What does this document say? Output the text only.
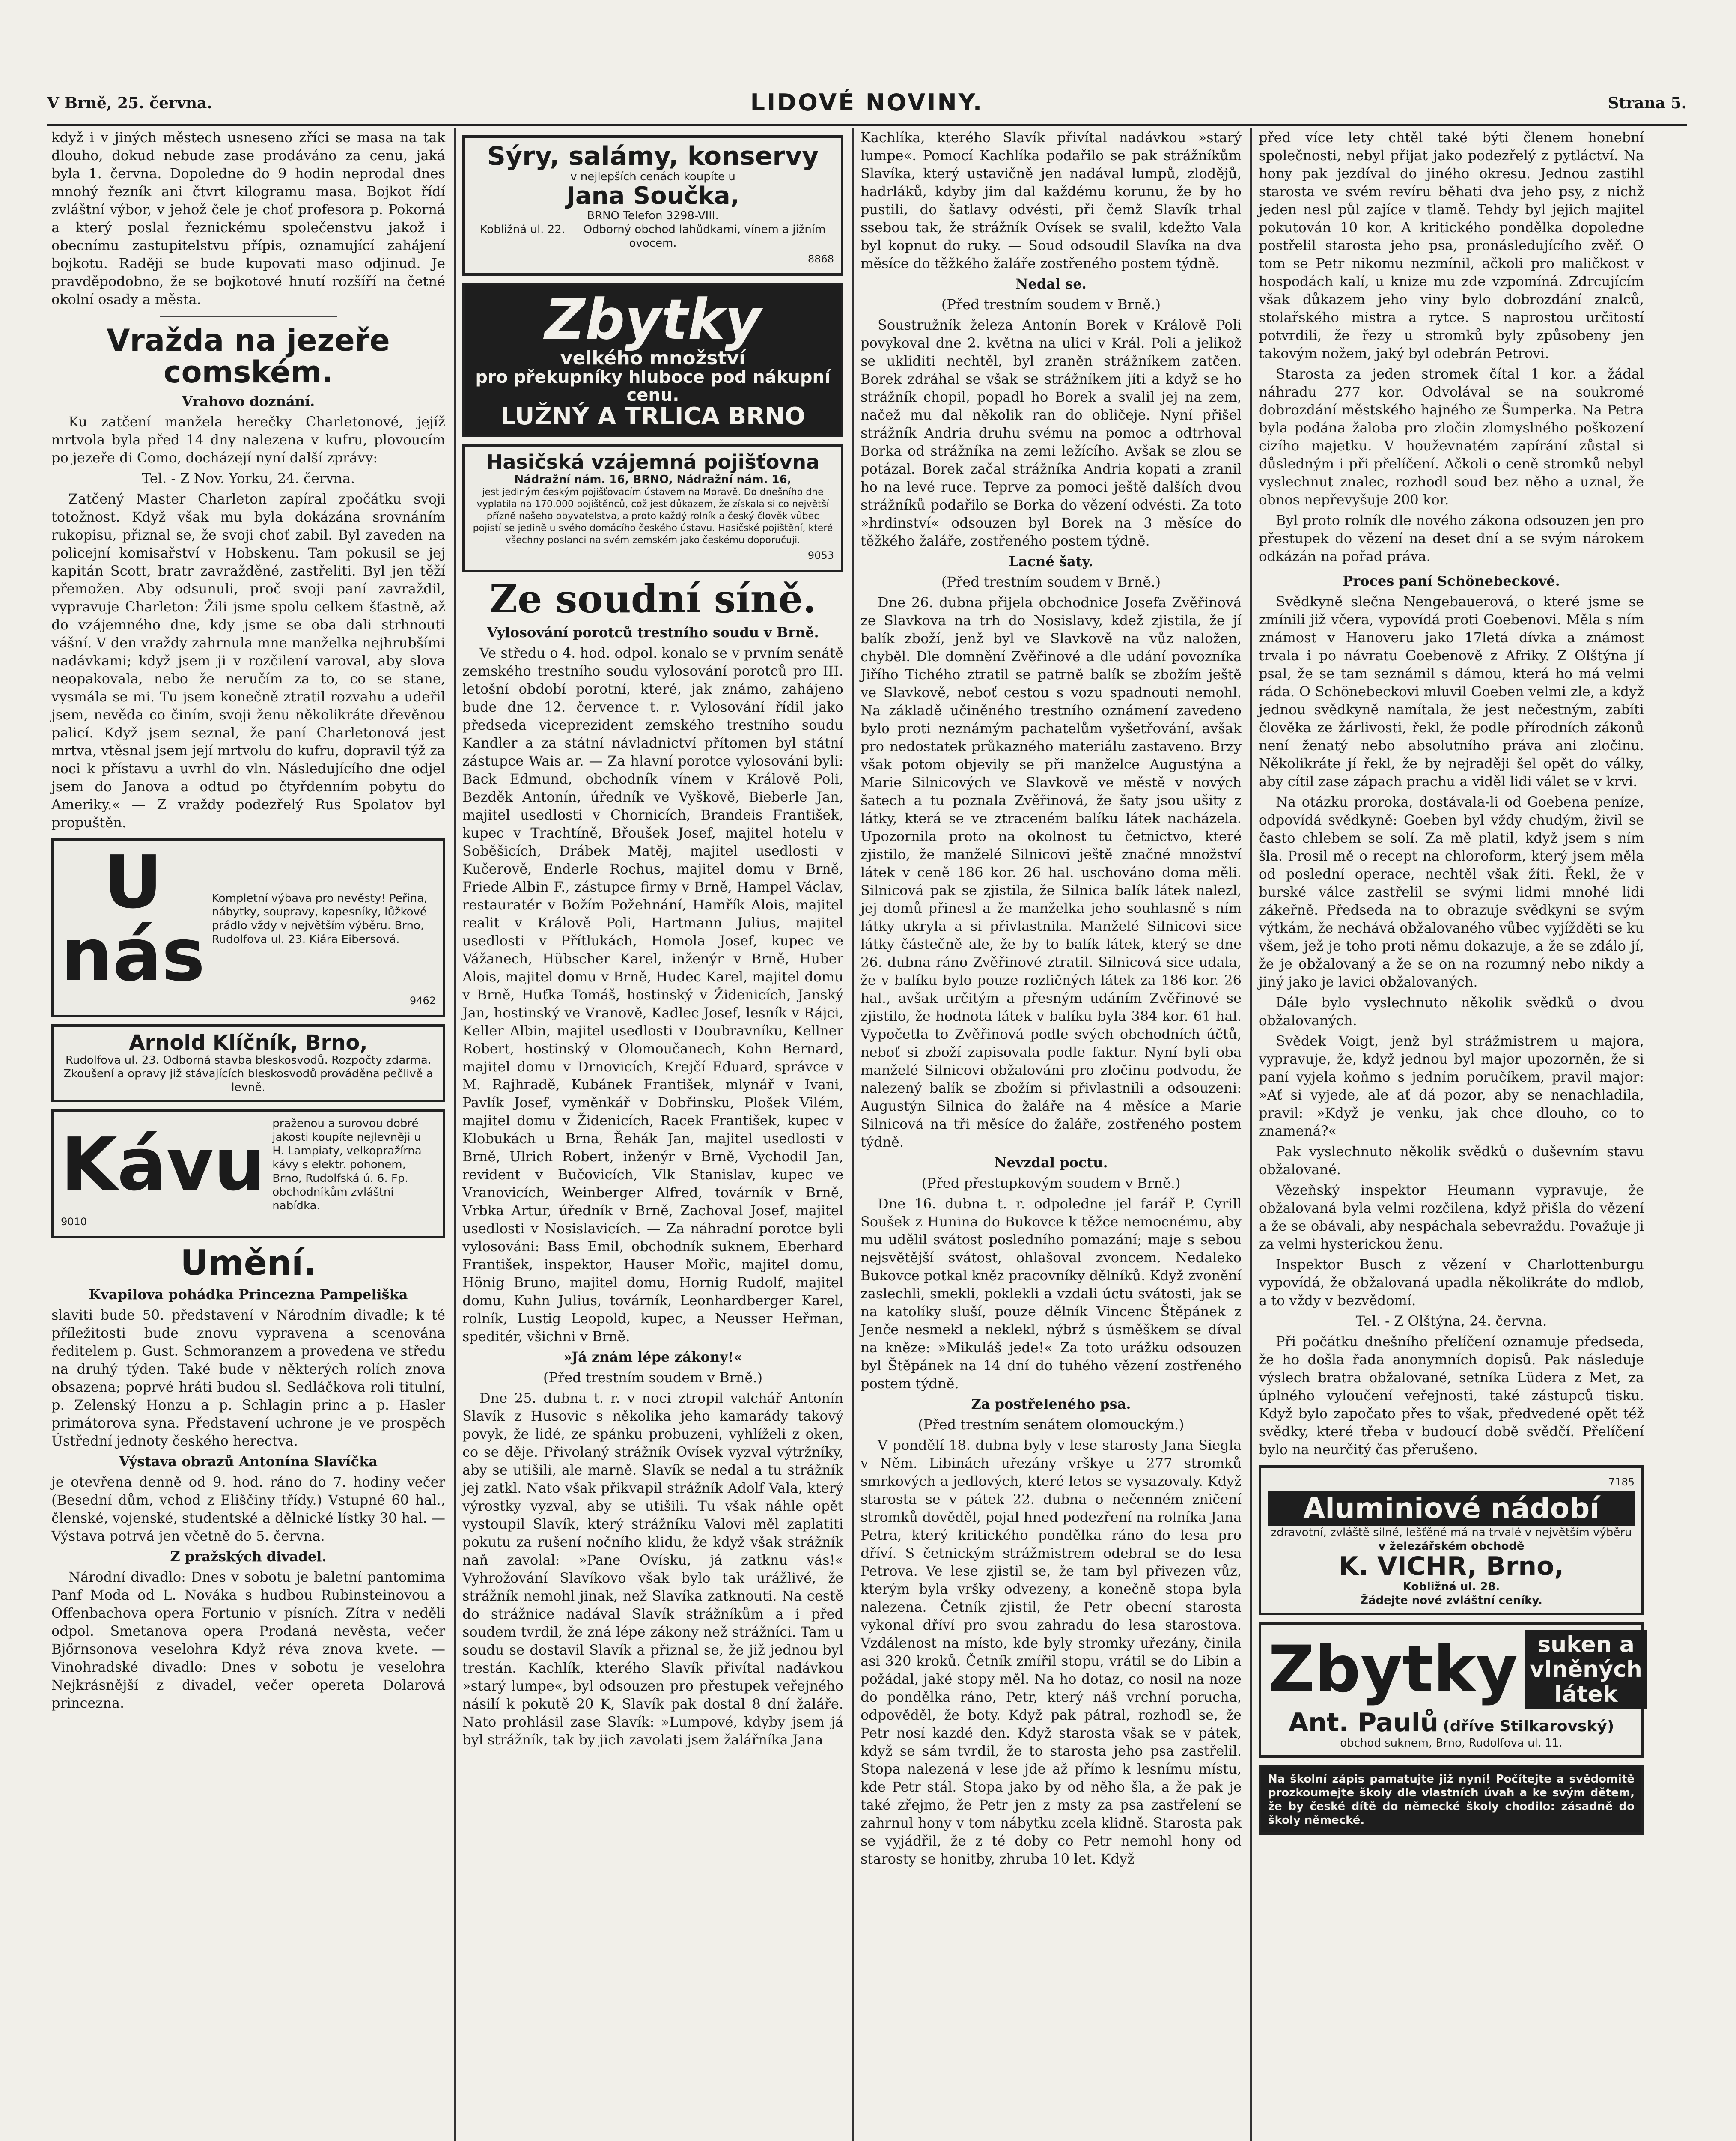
V Brně, 25. června.	LIDOVÉ NOVINY.	Strana 5.

když i v jiných městech usneseno zříci se masa na tak dlouho, dokud nebude zase prodáváno za cenu, jaká byla 1. června. Dopoledne do 9 hodin neprodal dnes mnohý řezník ani čtvrt kilogramu masa. Bojkot řídí zvláštní výbor, v jehož čele je choť profesora p. Pokorná a který poslal řeznickému společenstvu jakož i obecnímu zastupitelstvu přípis, oznamující zahájení bojkotu. Raději se bude kupovati maso odjinud. Je pravděpodobno, že se bojkotové hnutí rozšíří na četné okolní osady a města.

Vražda na jezeře comském.
Vrahovo doznání.

Ku zatčení manžela herečky Charletonové, jejíž mrtvola byla před 14 dny nalezena v kufru, plovoucím po jezeře di Como, docházejí nyní další zprávy:

Tel. - Z Nov. Yorku, 24. června.

Zatčený Master Charleton zapíral zpočátku svoji totožnost. Když však mu byla dokázána srovnáním rukopisu, přiznal se, že svoji choť zabil. Byl zaveden na policejní komisařství v Hobskenu. Tam pokusil se jej kapitán Scott, bratr zavražděné, zastřeliti. Byl jen těží přemožen. Aby odsunuli, proč svoji paní zavraždil, vypravuje Charleton: Žili jsme spolu celkem šťastně, až do vzájemného dne, kdy jsme se oba dali strhnouti vášní. V den vraždy zahrnula mne manželka nejhrubšími nadávkami; když jsem ji v rozčilení varoval, aby slova neopakovala, nebo že neručím za to, co se stane, vysmála se mi. Tu jsem konečně ztratil rozvahu a udeřil jsem, nevěda co činím, svoji ženu několikráte dřevěnou palicí. Když jsem seznal, že paní Charletonová jest mrtva, vtěsnal jsem její mrtvolu do kufru, dopravil týž za noci k přístavu a uvrhl do vln. Následujícího dne odjel jsem do Janova a odtud po čtyřdenním pobytu do Ameriky.« — Z vraždy podezřelý Rus Spolatov byl propuštěn.

U nás
Kompletní výbava pro nevěsty! Peřina, nábytky, soupravy, kapesníky, lůžkové prádlo vždy v největším výběru. Brno, Rudolfova ul. 23. Kiára Eibersová.
9462
Arnold Klíčník, Brno,
Rudolfova ul. 23. Odborná stavba bleskosvodů. Rozpočty zdarma. Zkoušení a opravy již stávajících bleskosvodů prováděna pečlivě a levně.
Kávu praženou a surovou dobré jakosti koupíte nejlevněji u H. Lampiaty, velkopražírna kávy s elektr. pohonem, Brno, Rudolfská ú. 6. Fp. obchodníkům zvláštní nabídka.
9010
Umění.
Kvapilova pohádka Princezna Pampeliška

slaviti bude 50. představení v Národním divadle; k té příležitosti bude znovu vypravena a scenována ředitelem p. Gust. Schmoranzem a provedena ve středu na druhý týden. Také bude v některých rolích znova obsazena; poprvé hráti budou sl. Sedláčkova roli titulní, p. Zelenský Honzu a p. Schlagin princ a p. Hasler primátorova syna. Představení uchrone je ve prospěch Ústřední jednoty českého herectva.

Výstava obrazů Antonína Slavíčka

je otevřena denně od 9. hod. ráno do 7. hodiny večer (Besední dům, vchod z Eliščiny třídy.) Vstupné 60 hal., členské, vojenské, studentské a dělnické lístky 30 hal. — Výstava potrvá jen včetně do 5. června.

Z pražských divadel.

Národní divadlo: Dnes v sobotu je baletní pantomima Panf Moda od L. Nováka s hudbou Rubinsteinovou a Offenbachova opera Fortunio v písních. Zítra v neděli odpol. Smetanova opera Prodaná nevěsta, večer Bjőrnsonova veselohra Když réva znova kvete. — Vinohradské divadlo: Dnes v sobotu je veselohra Nejkrásnější z divadel, večer opereta Dolarová princezna.

Sýry, salámy, konservy
v nejlepších cenách koupíte u
Jana Součka,
BRNO Telefon 3298-VIII.
Kobližná ul. 22. — Odborný obchod lahůdkami, vínem a jižním ovocem.
8868
Zbytky
velkého množství
pro překupníky hluboce pod nákupní cenu.
LUŽNÝ A TRLICA BRNO
Hasičská vzájemná pojišťovna
Nádražní nám. 16, BRNO, Nádražní nám. 16,
jest jediným českým pojišťovacím ústavem na Moravě. Do dnešního dne vyplatila na 170.000 pojištěnců, což jest důkazem, že získala si co největší přízně našeho obyvatelstva, a proto každý rolník a český člověk vůbec pojistí se jedině u svého domácího českého ústavu. Hasičské pojištění, které všechny poslanci na svém zemském jako českému doporučuji.
9053
Ze soudní síně.
Vylosování porotců trestního soudu v Brně.

Ve středu o 4. hod. odpol. konalo se v prvním senátě zemského trestního soudu vylosování porotců pro III. letošní období porotní, které, jak známo, zahájeno bude dne 12. července t. r. Vylosování řídil jako předseda viceprezident zemského trestního soudu Kandler a za státní návladnictví přítomen byl státní zástupce Wais ar. — Za hlavní porotce vylosováni byli: Back Edmund, obchodník vínem v Králově Poli, Bezděk Antonín, úředník ve Vyškově, Bieberle Jan, majitel usedlosti v Chornicích, Brandeis František, kupec v Trachtíně, Břoušek Josef, majitel hotelu v Soběšicích, Drábek Matěj, majitel usedlosti v Kučerově, Enderle Rochus, majitel domu v Brně, Friede Albin F., zástupce firmy v Brně, Hampel Václav, restauratér v Božím Požehnání, Hamřík Alois, majitel realit v Králově Poli, Hartmann Julius, majitel usedlosti v Přítlukách, Homola Josef, kupec ve Vážanech, Hübscher Karel, inženýr v Brně, Huber Alois, majitel domu v Brně, Hudec Karel, majitel domu v Brně, Huťka Tomáš, hostinský v Židenicích, Janský Jan, hostinský ve Vranově, Kadlec Josef, lesník v Rájci, Keller Albin, majitel usedlosti v Doubravníku, Kellner Robert, hostinský v Olomoučanech, Kohn Bernard, majitel domu v Drnovicích, Krejčí Eduard, správce v M. Rajhradě, Kubánek František, mlynář v Ivani, Pavlík Josef, vyměnkář v Dobřinsku, Plošek Vilém, majitel domu v Židenicích, Racek František, kupec v Klobukách u Brna, Řehák Jan, majitel usedlosti v Brně, Ulrich Robert, inženýr v Brně, Vychodil Jan, revident v Bučovicích, Vlk Stanislav, kupec ve Vranovicích, Weinberger Alfred, továrník v Brně, Vrbka Artur, úředník v Brně, Zachoval Josef, majitel usedlosti v Nosislavicích. — Za náhradní porotce byli vylosováni: Bass Emil, obchodník suknem, Eberhard František, inspektor, Hauser Mořic, majitel domu, Hönig Bruno, majitel domu, Hornig Rudolf, majitel domu, Kuhn Julius, továrník, Leonhardberger Karel, rolník, Lustig Leopold, kupec, a Neusser Heřman, speditér, všichni v Brně.

»Já znám lépe zákony!«
(Před trestním soudem v Brně.)

Dne 25. dubna t. r. v noci ztropil valchář Antonín Slavík z Husovic s několika jeho kamarády takový povyk, že lidé, ze spánku probuzeni, vyhlíželi z oken, co se děje. Přivolaný strážník Ovísek vyzval výtržníky, aby se utišili, ale marně. Slavík se nedal a tu strážník jej zatkl. Nato však přikvapil strážník Adolf Vala, který výrostky vyzval, aby se utišili. Tu však náhle opět vystoupil Slavík, který strážníku Valovi měl zaplatiti pokutu za rušení nočního klidu, že když však strážník naň zavolal: »Pane Ovísku, já zatknu vás!« Vyhrožování Slavíkovo však bylo tak urážlivé, že strážník nemohl jinak, než Slavíka zatknouti. Na cestě do strážnice nadával Slavík strážníkům a i před soudem tvrdil, že zná lépe zákony než strážníci. Tam u soudu se dostavil Slavík a přiznal se, že již jednou byl trestán. Kachlík, kterého Slavík přivítal nadávkou »starý lumpe«, byl odsouzen pro přestupek veřejného násilí k pokutě 20 K, Slavík pak dostal 8 dní žaláře. Nato prohlásil zase Slavík: »Lumpové, kdyby jsem já byl strážník, tak by jich zavolati jsem žalářníka Jana

Kachlíka, kterého Slavík přivítal nadávkou »starý lumpe«. Pomocí Kachlíka podařilo se pak strážníkům Slavíka, který ustavičně jen nadával lumpů, zlodějů, hadrláků, kdyby jim dal každému korunu, že by ho pustili, do šatlavy odvésti, při čemž Slavík trhal ssebou tak, že strážník Ovísek se svalil, kdežto Vala byl kopnut do ruky. — Soud odsoudil Slavíka na dva měsíce do těžkého žaláře zostřeného postem týdně.

Nedal se.
(Před trestním soudem v Brně.)

Soustružník železa Antonín Borek v Králově Poli povykoval dne 2. května na ulici v Král. Poli a jelikož se ukliditi nechtěl, byl zraněn strážníkem zatčen. Borek zdráhal se však se strážníkem jíti a když se ho strážník chopil, popadl ho Borek a svalil jej na zem, načež mu dal několik ran do obličeje. Nyní přišel strážník Andria druhu svému na pomoc a odtrhoval Borka od strážníka na zemi ležícího. Avšak se zlou se potázal. Borek začal strážníka Andria kopati a zranil ho na levé ruce. Teprve za pomoci ještě dalších dvou strážníků podařilo se Borka do vězení odvésti. Za toto »hrdinství« odsouzen byl Borek na 3 měsíce do těžkého žaláře, zostřeného postem týdně.

Lacné šaty.
(Před trestním soudem v Brně.)

Dne 26. dubna přijela obchodnice Josefa Zvěřinová ze Slavkova na trh do Nosislavy, kdež zjistila, že jí balík zboží, jenž byl ve Slavkově na vůz naložen, chyběl. Dle domnění Zvěřinové a dle udání povozníka Jiřího Tichého ztratil se patrně balík se zbožím ještě ve Slavkově, neboť cestou s vozu spadnouti nemohl. Na základě učiněného trestního oznámení zavedeno bylo proti neznámým pachatelům vyšetřování, avšak pro nedostatek průkazného materiálu zastaveno. Brzy však potom objevily se při manželce Augustýna a Marie Silnicových ve Slavkově ve městě v nových šatech a tu poznala Zvěřinová, že šaty jsou ušity z látky, která se ve ztraceném balíku látek nacházela. Upozornila proto na okolnost tu četnictvo, které zjistilo, že manželé Silnicovi ještě značné množství látek v ceně 186 kor. 26 hal. uschováno doma měli. Silnicová pak se zjistila, že Silnica balík látek nalezl, jej domů přinesl a že manželka jeho souhlasně s ním látky ukryla a si přivlastnila. Manželé Silnicovi sice látky částečně ale, že by to balík látek, který se dne 26. dubna ráno Zvěřinové ztratil. Silnicová sice udala, že v balíku bylo pouze rozličných látek za 186 kor. 26 hal., avšak určitým a přesným udáním Zvěřinové se zjistilo, že hodnota látek v balíku byla 384 kor. 61 hal. Vypočetla to Zvěřinová podle svých obchodních účtů, neboť si zboží zapisovala podle faktur. Nyní byli oba manželé Silnicovi obžalováni pro zločinu podvodu, že nalezený balík se zbožím si přivlastnili a odsouzeni: Augustýn Silnica do žaláře na 4 měsíce a Marie Silnicová na tři měsíce do žaláře, zostřeného postem týdně.

Nevzdal poctu.
(Před přestupkovým soudem v Brně.)

Dne 16. dubna t. r. odpoledne jel farář P. Cyrill Soušek z Hunina do Bukovce k těžce nemocnému, aby mu udělil svátost posledního pomazání; maje s sebou nejsvětější svátost, ohlašoval zvoncem. Nedaleko Bukovce potkal kněz pracovníky dělníků. Když zvonění zaslechli, smekli, poklekli a vzdali úctu svátosti, jak se na katolíky sluší, pouze dělník Vincenc Štěpánek z Jenče nesmekl a neklekl, nýbrž s úsměškem se díval na kněze: »Mikuláš jede!« Za toto urážku odsouzen byl Štěpánek na 14 dní do tuhého vězení zostřeného postem týdně.

Za postřeleného psa.
(Před trestním senátem olomouckým.)

V pondělí 18. dubna byly v lese starosty Jana Siegla v Něm. Libinách uřezány vrškye u 277 stromků smrkových a jedlových, které letos se vysazovaly. Když starosta se v pátek 22. dubna o nečenném zničení stromků dověděl, pojal hned podezření na rolníka Jana Petra, který kritického pondělka ráno do lesa pro dříví. S četnickým strážmistrem odebral se do lesa Petrova. Ve lese zjistil se, že tam byl přivezen vůz, kterým byla vršky odvezeny, a konečně stopa byla nalezena. Četník zjistil, že Petr obecní starosta vykonal dříví pro svou zahradu do lesa starostova. Vzdálenost na místo, kde byly stromky uřezány, činila asi 320 kroků. Četník zmířil stopu, vrátil se do Libin a požádal, jaké stopy měl. Na ho dotaz, co nosil na noze do pondělka ráno, Petr, který náš vrchní porucha, odpověděl, že boty. Když pak pátral, rozhodl se, že Petr nosí kazdé den. Když starosta však se v pátek, když se sám tvrdil, že to starosta jeho psa zastřelil. Stopa nalezená v lese jde až přímo k lesnímu místu, kde Petr stál. Stopa jako by od něho šla, a že pak je také zřejmo, že Petr jen z msty za psa zastřelení se zahrnul hony v tom nábytku zcela klidně. Starosta pak se vyjádřil, že z té doby co Petr nemohl hony od starosty se honitby, zhruba 10 let. Když

před více lety chtěl také býti členem honební společnosti, nebyl přijat jako podezřelý z pytláctví. Na hony pak jezdíval do jiného okresu. Jednou zastihl starosta ve svém revíru běhati dva jeho psy, z nichž jeden nesl půl zajíce v tlamě. Tehdy byl jejich majitel pokutován 10 kor. A kritického pondělka dopoledne postřelil starosta jeho psa, pronásledujícího zvěř. O tom se Petr nikomu nezmínil, ačkoli pro maličkost v hospodách kalí, u knize mu zde vzpomíná. Zdrcujícím však důkazem jeho viny bylo dobrozdání znalců, stolařského mistra a rytce. S naprostou určitostí potvrdili, že řezy u stromků byly způsobeny jen takovým nožem, jaký byl odebrán Petrovi.

Starosta za jeden stromek čítal 1 kor. a žádal náhradu 277 kor. Odvolával se na soukromé dobrozdání městského hajného ze Šumperka. Na Petra byla podána žaloba pro zločin zlomyslného poškození cizího majetku. V houževnatém zapírání zůstal si důsledným i při přelíčení. Ačkoli o ceně stromků nebyl vyslechnut znalec, rozhodl soud bez něho a uznal, že obnos nepřevyšuje 200 kor.

Byl proto rolník dle nového zákona odsouzen jen pro přestupek do vězení na deset dní a se svým nárokem odkázán na pořad práva.

Proces paní Schönebeckové.

Svědkyně slečna Nengebauerová, o které jsme se zmínili již včera, vypovídá proti Goebenovi. Měla s ním známost v Hanoveru jako 17letá dívka a známost trvala i po návratu Goebenově z Afriky. Z Olštýna jí psal, že se tam seznámil s dámou, která ho má velmi ráda. O Schönebeckovi mluvil Goeben velmi zle, a když jednou svědkyně namítala, že jest nečestným, zabíti člověka ze žárlivosti, řekl, že podle přírodních zákonů není ženatý nebo absolutního práva ani zločinu. Několikráte jí řekl, že by nejraději šel opět do války, aby cítil zase zápach prachu a viděl lidi válet se v krvi.

Na otázku proroka, dostávala-li od Goebena peníze, odpovídá svědkyně: Goeben byl vždy chudým, živil se často chlebem se solí. Za mě platil, když jsem s ním šla. Prosil mě o recept na chloroform, který jsem měla od poslední operace, nechtěl však žíti. Řekl, že v burské válce zastřelil se svými lidmi mnohé lidi zákeřně. Předseda na to obrazuje svědkyni se svým výtkám, že nechává obžalovaného vůbec vyjížděti se ku všem, jež je toho proti němu dokazuje, a že se zdálo jí, že je obžalovaný a že se on na rozumný nebo nikdy a jiný jako je lavici obžalovaných.

Dále bylo vyslechnuto několik svědků o dvou obžalovaných.

Svědek Voigt, jenž byl strážmistrem u majora, vypravuje, že, když jednou byl major upozorněn, že si paní vyjela koňmo s jedním poručíkem, pravil major: »Ať si vyjede, ale ať dá pozor, aby se nenachladila, pravil: »Když je venku, jak chce dlouho, co to znamená?«

Pak vyslechnuto několik svědků o duševním stavu obžalované.

Vězeňský inspektor Heumann vypravuje, že obžalovaná byla velmi rozčilena, když přišla do vězení a že se obávali, aby nespáchala sebevraždu. Považuje ji za velmi hysterickou ženu.

Inspektor Busch z vězení v Charlottenburgu vypovídá, že obžalovaná upadla několikráte do mdlob, a to vždy v bezvědomí.

Tel. - Z Olštýna, 24. června.

Při počátku dnešního přelíčení oznamuje předseda, že ho došla řada anonymních dopisů. Pak následuje výslech bratra obžalované, setníka Lüdera z Met, za úplného vyloučení veřejnosti, také zástupců tisku. Když bylo započato přes to však, předvedené opět též svědky, které třeba v budoucí době svědčí. Přelíčení bylo na neurčitý čas přerušeno.

7185
Aluminiové nádobí
zdravotní, zvláště silné, lešťěné má na trvalé v největším výběru
v železářském obchodě
K. VICHR, Brno,
Kobližná ul. 28.
Žádejte nové zvláštní ceníky.
Zbytky suken a
vlněných
látek
Ant. Paulů (dříve Stilkarovský)
obchod suknem, Brno, Rudolfova ul. 11.
Na školní zápis pamatujte již nyní! Počítejte a svědomitě prozkoumejte školy dle vlastních úvah a ke svým dětem, že by české dítě do německé školy chodilo: zásadně do školy německé.
